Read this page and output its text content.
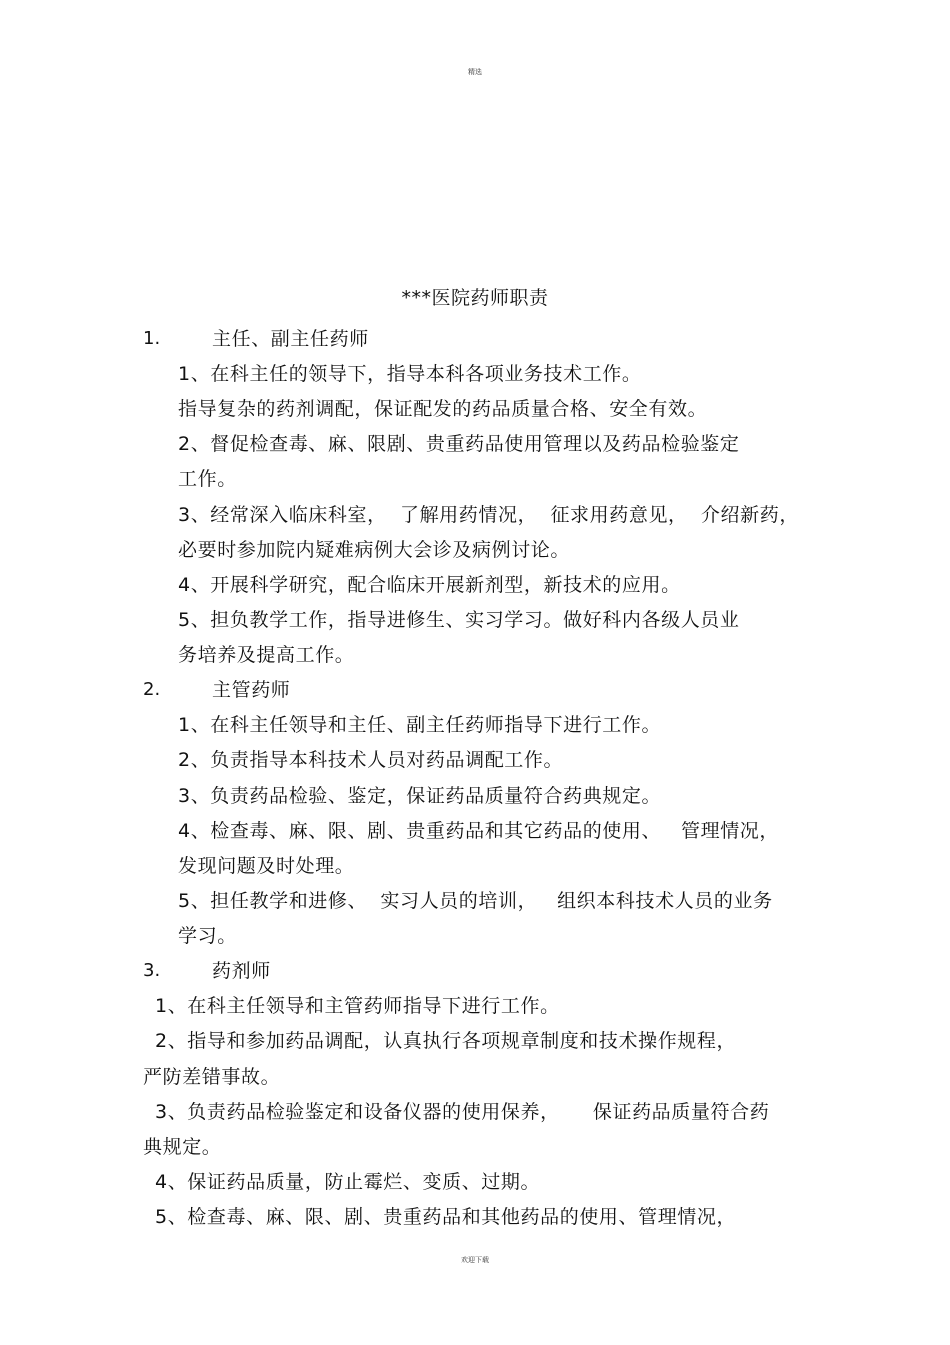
精选
***医院药师职责
1.	主任、副主任药师
1、在科主任的领导下，指导本科各项业务技术工作。
指导复杂的药剂调配，保证配发的药品质量合格、安全有效。
2、督促检查毒、麻、限剧、贵重药品使用管理以及药品检验鉴定
工作。
3、经常深入临床科室，  了解用药情况，  征求用药意见，  介绍新药，
必要时参加院内疑难病例大会诊及病例讨论。
4、开展科学研究，配合临床开展新剂型，新技术的应用。
5、担负教学工作，指导进修生、实习学习。做好科内各级人员业
务培养及提高工作。
2.	主管药师
1、在科主任领导和主任、副主任药师指导下进行工作。
2、负责指导本科技术人员对药品调配工作。
3、负责药品检验、鉴定，保证药品质量符合药典规定。
4、检查毒、麻、限、剧、贵重药品和其它药品的使用、   管理情况，
发现问题及时处理。
5、担任教学和进修、  实习人员的培训，   组织本科技术人员的业务
学习。
3.	药剂师
1、在科主任领导和主管药师指导下进行工作。
2、指导和参加药品调配，认真执行各项规章制度和技术操作规程，
严防差错事故。
3、负责药品检验鉴定和设备仪器的使用保养，     保证药品质量符合药
典规定。
4、保证药品质量，防止霉烂、变质、过期。
5、检查毒、麻、限、剧、贵重药品和其他药品的使用、管理情况，
欢迎下载
